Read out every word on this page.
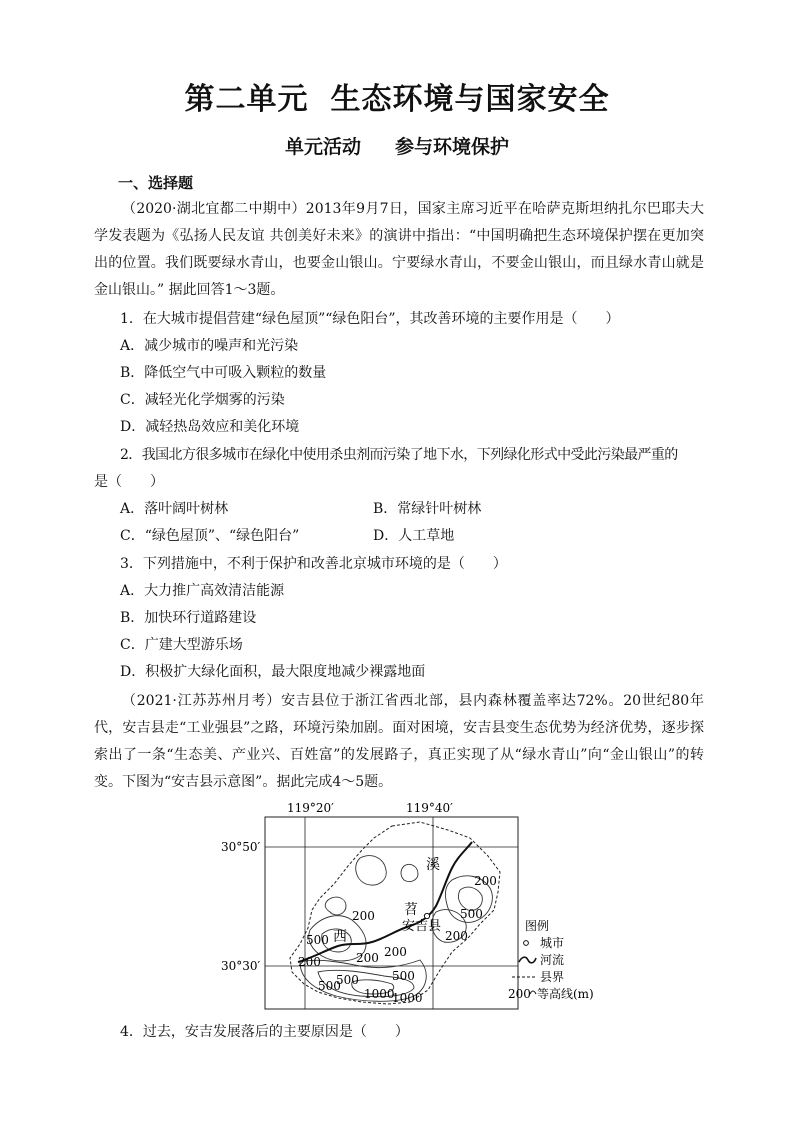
第二单元 生态环境与国家安全
单元活动 参与环境保护
一、选择题
（2020·湖北宜都二中期中）2013年9月7日，国家主席习近平在哈萨克斯坦纳扎尔巴耶夫大学发表题为《弘扬人民友谊 共创美好未来》的演讲中指出：“中国明确把生态环境保护摆在更加突出的位置。我们既要绿水青山，也要金山银山。宁要绿水青山，不要金山银山，而且绿水青山就是金山银山。” 据此回答1～3题。
1．在大城市提倡营建“绿色屋顶”“绿色阳台”，其改善环境的主要作用是（　　）
A．减少城市的噪声和光污染
B．降低空气中可吸入颗粒的数量
C．减轻光化学烟雾的污染
D．减轻热岛效应和美化环境
2．我国北方很多城市在绿化中使用杀虫剂而污染了地下水，下列绿化形式中受此污染最严重的
是（　　）
A．落叶阔叶树林	B．常绿针叶树林
C．“绿色屋顶”、“绿色阳台”	D．人工草地
3．下列措施中，不利于保护和改善北京城市环境的是（　　）
A．大力推广高效清洁能源
B．加快环行道路建设
C．广建大型游乐场
D．积极扩大绿化面积，最大限度地减少裸露地面
（2021·江苏苏州月考）安吉县位于浙江省西北部，县内森林覆盖率达72%。20世纪80年代，安吉县走“工业强县”之路，环境污染加剧。面对困境，安吉县变生态优势为经济优势，逐步探索出了一条“生态美、产业兴、百姓富”的发展路子，真正实现了从“绿水青山”向“金山银山”的转变。下图为“安吉县示意图”。据此完成4～5题。
119°20′	119°40′
30°50′
30°30′
溪
苕
西
安吉县
200
500
200
500
200
200 200
500
1000
500
1000
200
500
图例
城市
河流
县界
200 等高线(m)
4．过去，安吉发展落后的主要原因是（　　）
